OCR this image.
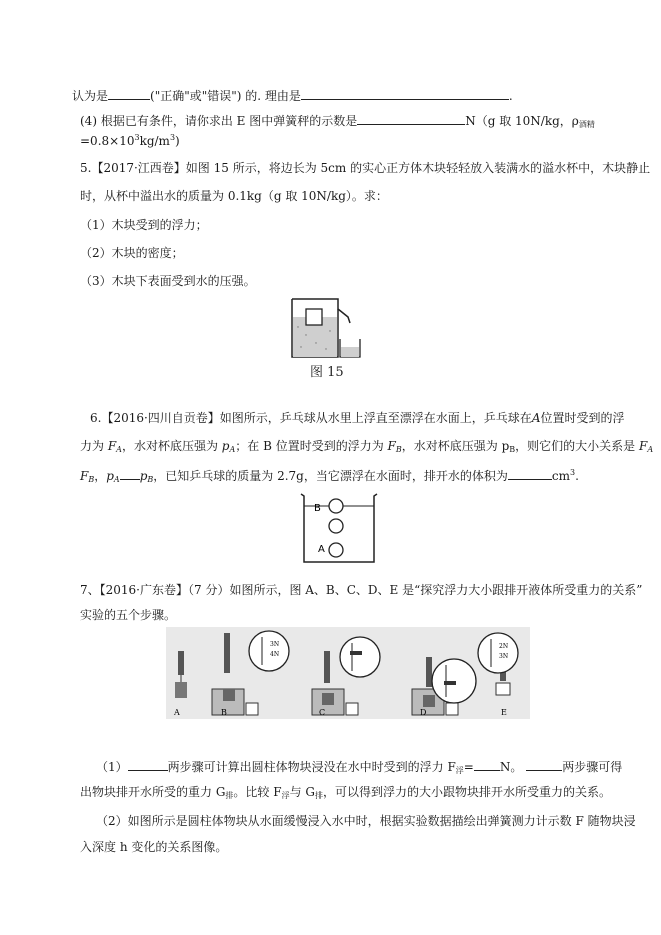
认为是	("正确"或"错误") 的. 理由是	.
(4) 根据已有条件，请你求出 E 图中弹簧秤的示数是	N（g 取 10N/kg，$\rho_{酒精}$
$=0.8\times 10^3kg/m^3$)
5.【2017·江西卷】如图 15 所示，将边长为 5cm 的实心正方体木块轻轻放入装满水的溢水杯中，木块静止
时，从杯中溢出水的质量为 0.1kg（g 取 10N/kg）。求：
（1）木块受到的浮力；
（2）木块的密度；
（3）木块下表面受到水的压强。
图 15
6.【2016·四川自贡卷】如图所示，乒乓球从水里上浮直至漂浮在水面上，乒乓球在A位置时受到的浮
力为 $F_A$，水对杯底压强为 $p_A$；在 B 位置时受到的浮力为 $F_B$，水对杯底压强为 $p_B$，则它们的大小关系是 $F_A$
$F_B$，$p_A$ $p_B$，已知乒乓球的质量为 2.7g，当它漂浮在水面时，排开水的体积为	$cm^3$.
B
A
7、【2016·广东卷】（7 分）如图所示，图 A、B、C、D、E 是“探究浮力大小跟排开液体所受重力的关系”
实验的五个步骤。
A
3N
4N
B	C	D
2N
3N
E
（1）	两步骤可计算出圆柱体物块浸没在水中时受到的浮力 $F_浮= N$。	两步骤可得
出物块排开水所受的重力 $G_排$。比较 $F_浮$与 $G_排$，可以得到浮力的大小跟物块排开水所受重力的关系。
（2）如图所示是圆柱体物块从水面缓慢浸入水中时，根据实验数据描绘出弹簧测力计示数 F 随物块浸
入深度 h 变化的关系图像。
